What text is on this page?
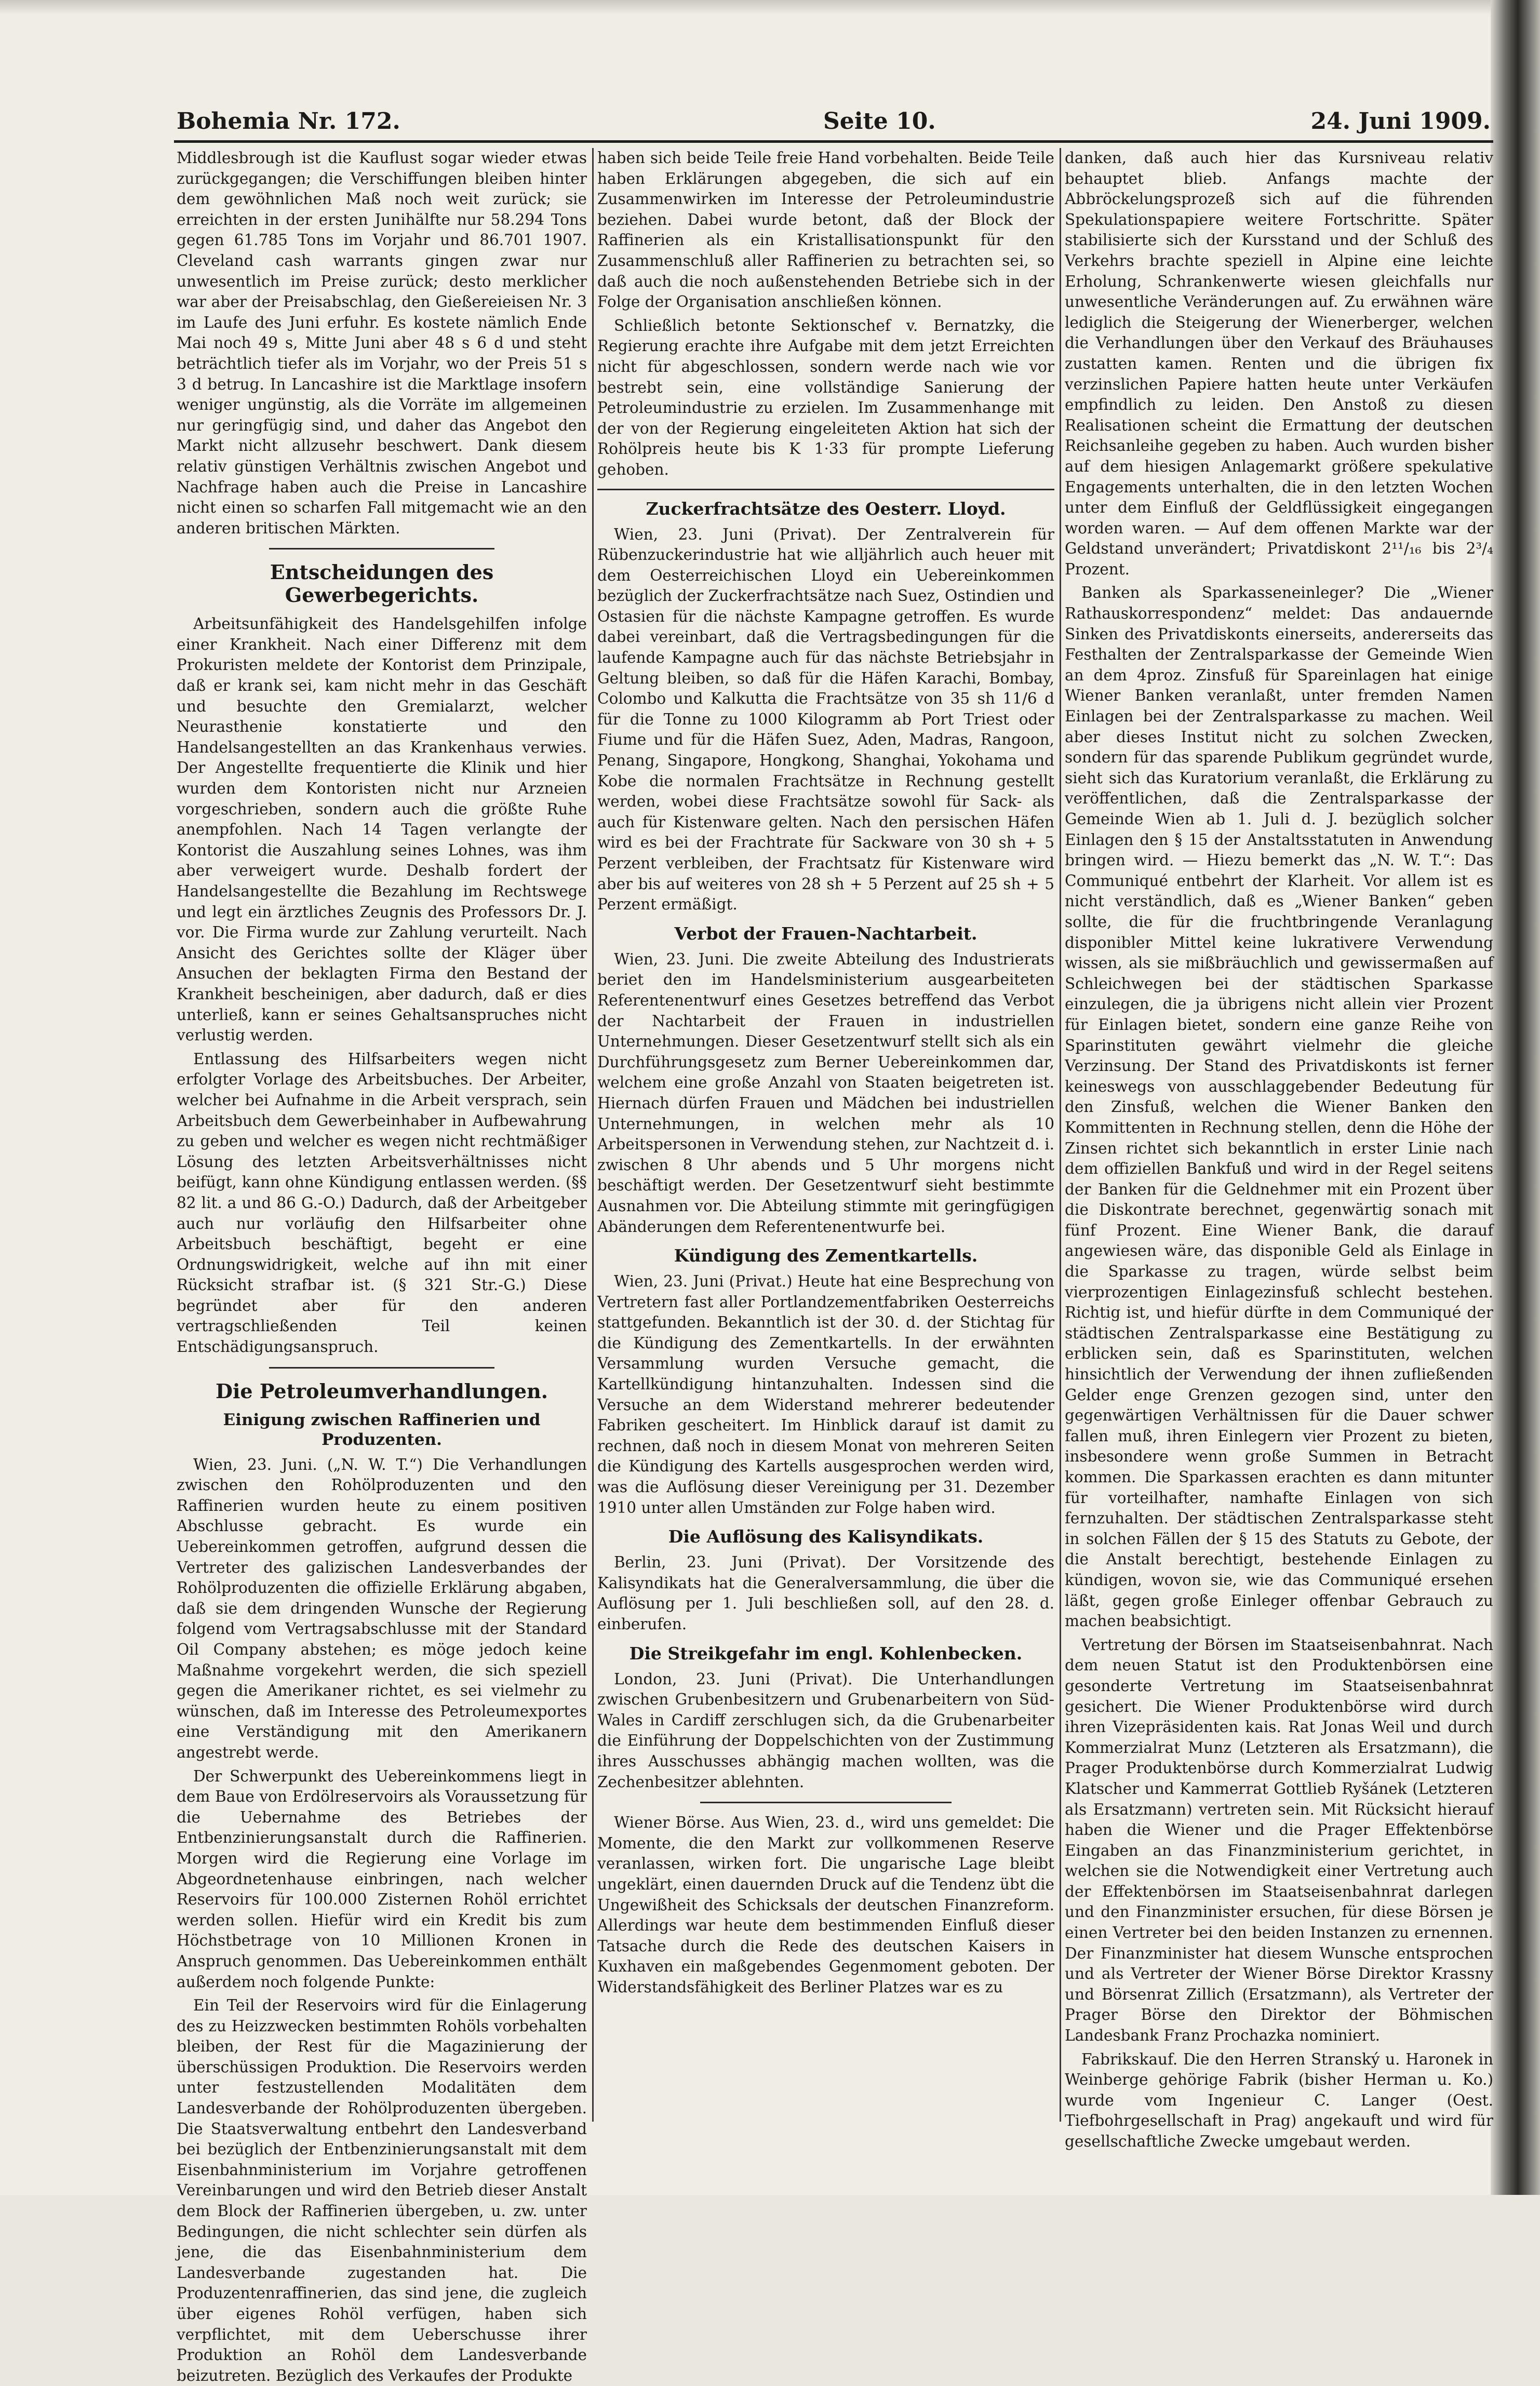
Bohemia Nr. 172.	Seite 10.	24. Juni 1909.

Middlesbrough ist die Kauflust sogar wieder etwas zurückgegangen; die Verschiffungen bleiben hinter dem gewöhnlichen Maß noch weit zurück; sie erreichten in der ersten Junihälfte nur 58.294 Tons gegen 61.785 Tons im Vorjahr und 86.701 1907. Cleveland cash warrants gingen zwar nur unwesentlich im Preise zurück; desto merklicher war aber der Preisabschlag, den Gießereieisen Nr. 3 im Laufe des Juni erfuhr. Es kostete nämlich Ende Mai noch 49 s, Mitte Juni aber 48 s 6 d und steht beträchtlich tiefer als im Vorjahr, wo der Preis 51 s 3 d betrug. In Lancashire ist die Marktlage insofern weniger ungünstig, als die Vorräte im allgemeinen nur geringfügig sind, und daher das Angebot den Markt nicht allzusehr beschwert. Dank diesem relativ günstigen Verhältnis zwischen Angebot und Nachfrage haben auch die Preise in Lancashire nicht einen so scharfen Fall mitgemacht wie an den anderen britischen Märkten.

Entscheidungen des Gewerbegerichts.

Arbeitsunfähigkeit des Handelsgehilfen infolge einer Krankheit. Nach einer Differenz mit dem Prokuristen meldete der Kontorist dem Prinzipale, daß er krank sei, kam nicht mehr in das Geschäft und besuchte den Gremialarzt, welcher Neurasthenie konstatierte und den Handelsangestellten an das Krankenhaus verwies. Der Angestellte frequentierte die Klinik und hier wurden dem Kontoristen nicht nur Arzneien vorgeschrieben, sondern auch die größte Ruhe anempfohlen. Nach 14 Tagen verlangte der Kontorist die Auszahlung seines Lohnes, was ihm aber verweigert wurde. Deshalb fordert der Handelsangestellte die Bezahlung im Rechtswege und legt ein ärztliches Zeugnis des Professors Dr. J. vor. Die Firma wurde zur Zahlung verurteilt. Nach Ansicht des Gerichtes sollte der Kläger über Ansuchen der beklagten Firma den Bestand der Krankheit bescheinigen, aber dadurch, daß er dies unterließ, kann er seines Gehaltsanspruches nicht verlustig werden.

Entlassung des Hilfsarbeiters wegen nicht erfolgter Vorlage des Arbeitsbuches. Der Arbeiter, welcher bei Aufnahme in die Arbeit versprach, sein Arbeitsbuch dem Gewerbeinhaber in Aufbewahrung zu geben und welcher es wegen nicht rechtmäßiger Lösung des letzten Arbeitsverhältnisses nicht beifügt, kann ohne Kündigung entlassen werden. (§§ 82 lit. a und 86 G.-O.) Dadurch, daß der Arbeitgeber auch nur vorläufig den Hilfsarbeiter ohne Arbeitsbuch beschäftigt, begeht er eine Ordnungswidrigkeit, welche auf ihn mit einer Rücksicht strafbar ist. (§ 321 Str.-G.) Diese begründet aber für den anderen vertragschließenden Teil keinen Entschädigungsanspruch.

Die Petroleumverhandlungen.
Einigung zwischen Raffinerien und Produzenten.

Wien, 23. Juni. („N. W. T.“) Die Verhandlungen zwischen den Rohölproduzenten und den Raffinerien wurden heute zu einem positiven Abschlusse gebracht. Es wurde ein Uebereinkommen getroffen, aufgrund dessen die Vertreter des galizischen Landesverbandes der Rohölproduzenten die offizielle Erklärung abgaben, daß sie dem dringenden Wunsche der Regierung folgend vom Vertragsabschlusse mit der Standard Oil Company abstehen; es möge jedoch keine Maßnahme vorgekehrt werden, die sich speziell gegen die Amerikaner richtet, es sei vielmehr zu wünschen, daß im Interesse des Petroleumexportes eine Verständigung mit den Amerikanern angestrebt werde.

Der Schwerpunkt des Uebereinkommens liegt in dem Baue von Erdölreservoirs als Voraussetzung für die Uebernahme des Betriebes der Entbenzinierungsanstalt durch die Raffinerien. Morgen wird die Regierung eine Vorlage im Abgeordnetenhause einbringen, nach welcher Reservoirs für 100.000 Zisternen Rohöl errichtet werden sollen. Hiefür wird ein Kredit bis zum Höchstbetrage von 10 Millionen Kronen in Anspruch genommen. Das Uebereinkommen enthält außerdem noch folgende Punkte:

Ein Teil der Reservoirs wird für die Einlagerung des zu Heizzwecken bestimmten Rohöls vorbehalten bleiben, der Rest für die Magazinierung der überschüssigen Produktion. Die Reservoirs werden unter festzustellenden Modalitäten dem Landesverbande der Rohölproduzenten übergeben. Die Staatsverwaltung entbehrt den Landesverband bei bezüglich der Entbenzinierungsanstalt mit dem Eisenbahnministerium im Vorjahre getroffenen Vereinbarungen und wird den Betrieb dieser Anstalt dem Block der Raffinerien übergeben, u. zw. unter Bedingungen, die nicht schlechter sein dürfen als jene, die das Eisenbahnministerium dem Landesverbande zugestanden hat. Die Produzentenraffinerien, das sind jene, die zugleich über eigenes Rohöl verfügen, haben sich verpflichtet, mit dem Ueberschusse ihrer Produktion an Rohöl dem Landesverbande beizutreten. Bezüglich des Verkaufes der Produkte

haben sich beide Teile freie Hand vorbehalten. Beide Teile haben Erklärungen abgegeben, die sich auf ein Zusammenwirken im Interesse der Petroleumindustrie beziehen. Dabei wurde betont, daß der Block der Raffinerien als ein Kristallisationspunkt für den Zusammenschluß aller Raffinerien zu betrachten sei, so daß auch die noch außenstehenden Betriebe sich in der Folge der Organisation anschließen können.

Schließlich betonte Sektionschef v. Bernatzky, die Regierung erachte ihre Aufgabe mit dem jetzt Erreichten nicht für abgeschlossen, sondern werde nach wie vor bestrebt sein, eine vollständige Sanierung der Petroleumindustrie zu erzielen. Im Zusammenhange mit der von der Regierung eingeleiteten Aktion hat sich der Rohölpreis heute bis K 1·33 für prompte Lieferung gehoben.

Zuckerfrachtsätze des Oesterr. Lloyd.

Wien, 23. Juni (Privat). Der Zentralverein für Rübenzuckerindustrie hat wie alljährlich auch heuer mit dem Oesterreichischen Lloyd ein Uebereinkommen bezüglich der Zuckerfrachtsätze nach Suez, Ostindien und Ostasien für die nächste Kampagne getroffen. Es wurde dabei vereinbart, daß die Vertragsbedingungen für die laufende Kampagne auch für das nächste Betriebsjahr in Geltung bleiben, so daß für die Häfen Karachi, Bombay, Colombo und Kalkutta die Frachtsätze von 35 sh 11/6 d für die Tonne zu 1000 Kilogramm ab Port Triest oder Fiume und für die Häfen Suez, Aden, Madras, Rangoon, Penang, Singapore, Hongkong, Shanghai, Yokohama und Kobe die normalen Frachtsätze in Rechnung gestellt werden, wobei diese Frachtsätze sowohl für Sack- als auch für Kistenware gelten. Nach den persischen Häfen wird es bei der Frachtrate für Sackware von 30 sh + 5 Perzent verbleiben, der Frachtsatz für Kistenware wird aber bis auf weiteres von 28 sh + 5 Perzent auf 25 sh + 5 Perzent ermäßigt.

Verbot der Frauen-Nachtarbeit.

Wien, 23. Juni. Die zweite Abteilung des Industrierats beriet den im Handelsministerium ausgearbeiteten Referentenentwurf eines Gesetzes betreffend das Verbot der Nachtarbeit der Frauen in industriellen Unternehmungen. Dieser Gesetzentwurf stellt sich als ein Durchführungsgesetz zum Berner Uebereinkommen dar, welchem eine große Anzahl von Staaten beigetreten ist. Hiernach dürfen Frauen und Mädchen bei industriellen Unternehmungen, in welchen mehr als 10 Arbeitspersonen in Verwendung stehen, zur Nachtzeit d. i. zwischen 8 Uhr abends und 5 Uhr morgens nicht beschäftigt werden. Der Gesetzentwurf sieht bestimmte Ausnahmen vor. Die Abteilung stimmte mit geringfügigen Abänderungen dem Referentenentwurfe bei.

Kündigung des Zementkartells.

Wien, 23. Juni (Privat.) Heute hat eine Besprechung von Vertretern fast aller Portlandzementfabriken Oesterreichs stattgefunden. Bekanntlich ist der 30. d. der Stichtag für die Kündigung des Zementkartells. In der erwähnten Versammlung wurden Versuche gemacht, die Kartellkündigung hintanzuhalten. Indessen sind die Versuche an dem Widerstand mehrerer bedeutender Fabriken gescheitert. Im Hinblick darauf ist damit zu rechnen, daß noch in diesem Monat von mehreren Seiten die Kündigung des Kartells ausgesprochen werden wird, was die Auflösung dieser Vereinigung per 31. Dezember 1910 unter allen Umständen zur Folge haben wird.

Die Auflösung des Kalisyndikats.

Berlin, 23. Juni (Privat). Der Vorsitzende des Kalisyndikats hat die Generalversammlung, die über die Auflösung per 1. Juli beschließen soll, auf den 28. d. einberufen.

Die Streikgefahr im engl. Kohlenbecken.

London, 23. Juni (Privat). Die Unterhandlungen zwischen Grubenbesitzern und Grubenarbeitern von Süd-Wales in Cardiff zerschlugen sich, da die Grubenarbeiter die Einführung der Doppelschichten von der Zustimmung ihres Ausschusses abhängig machen wollten, was die Zechenbesitzer ablehnten.

Wiener Börse. Aus Wien, 23. d., wird uns gemeldet: Die Momente, die den Markt zur vollkommenen Reserve veranlassen, wirken fort. Die ungarische Lage bleibt ungeklärt, einen dauernden Druck auf die Tendenz übt die Ungewißheit des Schicksals der deutschen Finanzreform. Allerdings war heute dem bestimmenden Einfluß dieser Tatsache durch die Rede des deutschen Kaisers in Kuxhaven ein maßgebendes Gegenmoment geboten. Der Widerstandsfähigkeit des Berliner Platzes war es zu

danken, daß auch hier das Kursniveau relativ behauptet blieb. Anfangs machte der Abbröckelungsprozeß sich auf die führenden Spekulationspapiere weitere Fortschritte. Später stabilisierte sich der Kursstand und der Schluß des Verkehrs brachte speziell in Alpine eine leichte Erholung, Schrankenwerte wiesen gleichfalls nur unwesentliche Veränderungen auf. Zu erwähnen wäre lediglich die Steigerung der Wienerberger, welchen die Verhandlungen über den Verkauf des Bräuhauses zustatten kamen. Renten und die übrigen fix verzinslichen Papiere hatten heute unter Verkäufen empfindlich zu leiden. Den Anstoß zu diesen Realisationen scheint die Ermattung der deutschen Reichsanleihe gegeben zu haben. Auch wurden bisher auf dem hiesigen Anlagemarkt größere spekulative Engagements unterhalten, die in den letzten Wochen unter dem Einfluß der Geldflüssigkeit eingegangen worden waren. — Auf dem offenen Markte war der Geldstand unverändert; Privatdiskont 2¹¹/₁₆ bis 2³/₄ Prozent.

Banken als Sparkasseneinleger? Die „Wiener Rathauskorrespondenz“ meldet: Das andauernde Sinken des Privatdiskonts einerseits, andererseits das Festhalten der Zentralsparkasse der Gemeinde Wien an dem 4proz. Zinsfuß für Spareinlagen hat einige Wiener Banken veranlaßt, unter fremden Namen Einlagen bei der Zentralsparkasse zu machen. Weil aber dieses Institut nicht zu solchen Zwecken, sondern für das sparende Publikum gegründet wurde, sieht sich das Kuratorium veranlaßt, die Erklärung zu veröffentlichen, daß die Zentralsparkasse der Gemeinde Wien ab 1. Juli d. J. bezüglich solcher Einlagen den § 15 der Anstaltsstatuten in Anwendung bringen wird. — Hiezu bemerkt das „N. W. T.“: Das Communiqué entbehrt der Klarheit. Vor allem ist es nicht verständlich, daß es „Wiener Banken“ geben sollte, die für die fruchtbringende Veranlagung disponibler Mittel keine lukrativere Verwendung wissen, als sie mißbräuchlich und gewissermaßen auf Schleichwegen bei der städtischen Sparkasse einzulegen, die ja übrigens nicht allein vier Prozent für Einlagen bietet, sondern eine ganze Reihe von Sparinstituten gewährt vielmehr die gleiche Verzinsung. Der Stand des Privatdiskonts ist ferner keineswegs von ausschlaggebender Bedeutung für den Zinsfuß, welchen die Wiener Banken den Kommittenten in Rechnung stellen, denn die Höhe der Zinsen richtet sich bekanntlich in erster Linie nach dem offiziellen Bankfuß und wird in der Regel seitens der Banken für die Geldnehmer mit ein Prozent über die Diskontrate berechnet, gegenwärtig sonach mit fünf Prozent. Eine Wiener Bank, die darauf angewiesen wäre, das disponible Geld als Einlage in die Sparkasse zu tragen, würde selbst beim vierprozentigen Einlagezinsfuß schlecht bestehen. Richtig ist, und hiefür dürfte in dem Communiqué der städtischen Zentralsparkasse eine Bestätigung zu erblicken sein, daß es Sparinstituten, welchen hinsichtlich der Verwendung der ihnen zufließenden Gelder enge Grenzen gezogen sind, unter den gegenwärtigen Verhältnissen für die Dauer schwer fallen muß, ihren Einlegern vier Prozent zu bieten, insbesondere wenn große Summen in Betracht kommen. Die Sparkassen erachten es dann mitunter für vorteilhafter, namhafte Einlagen von sich fernzuhalten. Der städtischen Zentralsparkasse steht in solchen Fällen der § 15 des Statuts zu Gebote, der die Anstalt berechtigt, bestehende Einlagen zu kündigen, wovon sie, wie das Communiqué ersehen läßt, gegen große Einleger offenbar Gebrauch zu machen beabsichtigt.

Vertretung der Börsen im Staatseisenbahnrat. Nach dem neuen Statut ist den Produktenbörsen eine gesonderte Vertretung im Staatseisenbahnrat gesichert. Die Wiener Produktenbörse wird durch ihren Vizepräsidenten kais. Rat Jonas Weil und durch Kommerzialrat Munz (Letzteren als Ersatzmann), die Prager Produktenbörse durch Kommerzialrat Ludwig Klatscher und Kammerrat Gottlieb Ryšánek (Letzteren als Ersatzmann) vertreten sein. Mit Rücksicht hierauf haben die Wiener und die Prager Effektenbörse Eingaben an das Finanzministerium gerichtet, in welchen sie die Notwendigkeit einer Vertretung auch der Effektenbörsen im Staatseisenbahnrat darlegen und den Finanzminister ersuchen, für diese Börsen je einen Vertreter bei den beiden Instanzen zu ernennen. Der Finanzminister hat diesem Wunsche entsprochen und als Vertreter der Wiener Börse Direktor Krassny und Börsenrat Zillich (Ersatzmann), als Vertreter der Prager Börse den Direktor der Böhmischen Landesbank Franz Prochazka nominiert.

Fabrikskauf. Die den Herren Stranský u. Haronek in Weinberge gehörige Fabrik (bisher Herman u. Ko.) wurde vom Ingenieur C. Langer (Oest. Tiefbohrgesellschaft in Prag) angekauft und wird für gesellschaftliche Zwecke umgebaut werden.
